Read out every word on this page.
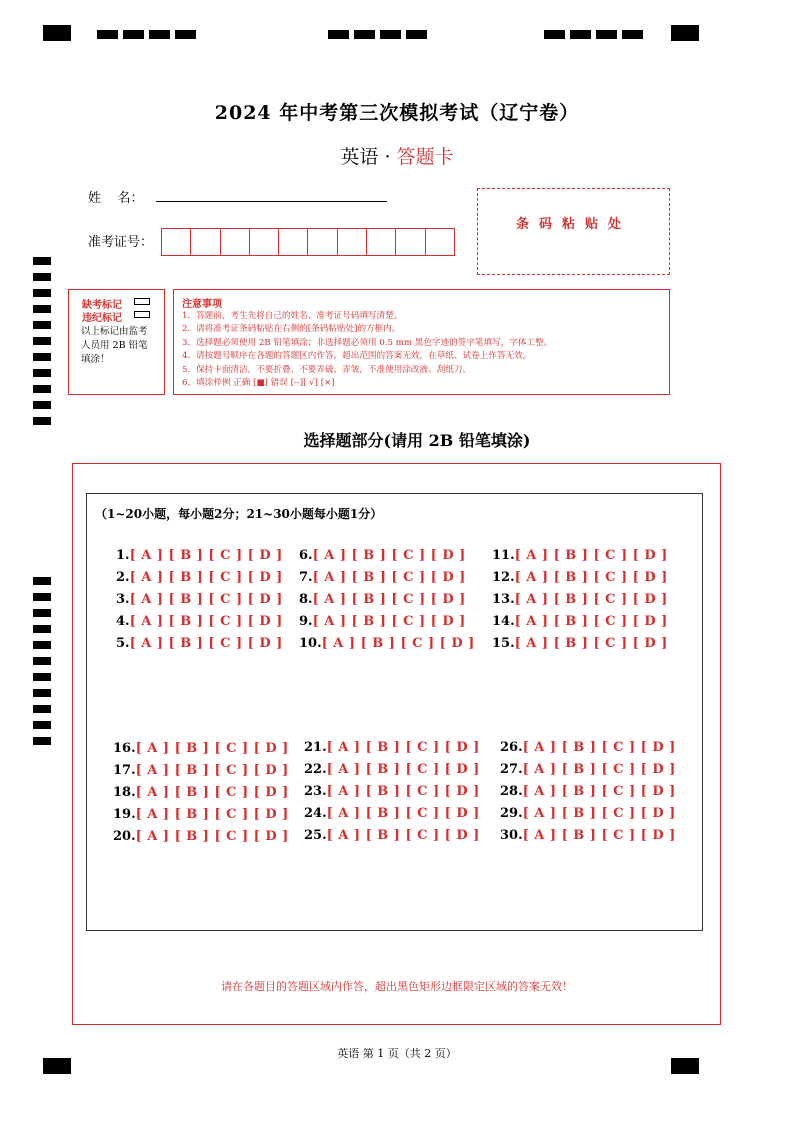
2024 年中考第三次模拟考试（辽宁卷）
英语 · 答题卡
姓    名：
准考证号：
条码粘贴处
缺考标记
违纪标记
以上标记由监考
人员用 2B 铅笔
填涂！
注意事项
1．答题前，考生先将自己的姓名、准考证号码填写清楚。
2．请将准考证条码粘贴在右侧的[条码粘贴处]的方框内。
3．选择题必须使用 2B 铅笔填涂；非选择题必须用 0.5 mm 黑色字迹的签字笔填写，字体工整。
4．请按题号顺序在各题的答题区内作答，超出范围的答案无效，在草纸、试卷上作答无效。
5．保持卡面清洁，不要折叠、不要弄破、弄皱，不准使用涂改液、刮纸刀。
6．填涂样例 正确 [■] 错误 [--][ √] [×]
选择题部分(请用 2B 铅笔填涂)
（1~20小题，每小题2分；21~30小题每小题1分）
1.[ A ] [ B ] [ C ] [ D ]
2.[ A ] [ B ] [ C ] [ D ]
3.[ A ] [ B ] [ C ] [ D ]
4.[ A ] [ B ] [ C ] [ D ]
5.[ A ] [ B ] [ C ] [ D ]
6.[ A ] [ B ] [ C ] [ D ]
7.[ A ] [ B ] [ C ] [ D ]
8.[ A ] [ B ] [ C ] [ D ]
9.[ A ] [ B ] [ C ] [ D ]
10.[ A ] [ B ] [ C ] [ D ]
11.[ A ] [ B ] [ C ] [ D ]
12.[ A ] [ B ] [ C ] [ D ]
13.[ A ] [ B ] [ C ] [ D ]
14.[ A ] [ B ] [ C ] [ D ]
15.[ A ] [ B ] [ C ] [ D ]
16.[ A ] [ B ] [ C ] [ D ]
17.[ A ] [ B ] [ C ] [ D ]
18.[ A ] [ B ] [ C ] [ D ]
19.[ A ] [ B ] [ C ] [ D ]
20.[ A ] [ B ] [ C ] [ D ]
21.[ A ] [ B ] [ C ] [ D ]
22.[ A ] [ B ] [ C ] [ D ]
23.[ A ] [ B ] [ C ] [ D ]
24.[ A ] [ B ] [ C ] [ D ]
25.[ A ] [ B ] [ C ] [ D ]
26.[ A ] [ B ] [ C ] [ D ]
27.[ A ] [ B ] [ C ] [ D ]
28.[ A ] [ B ] [ C ] [ D ]
29.[ A ] [ B ] [ C ] [ D ]
30.[ A ] [ B ] [ C ] [ D ]
请在各题目的答题区域内作答，超出黑色矩形边框限定区域的答案无效！
英语 第 1 页（共 2 页）
